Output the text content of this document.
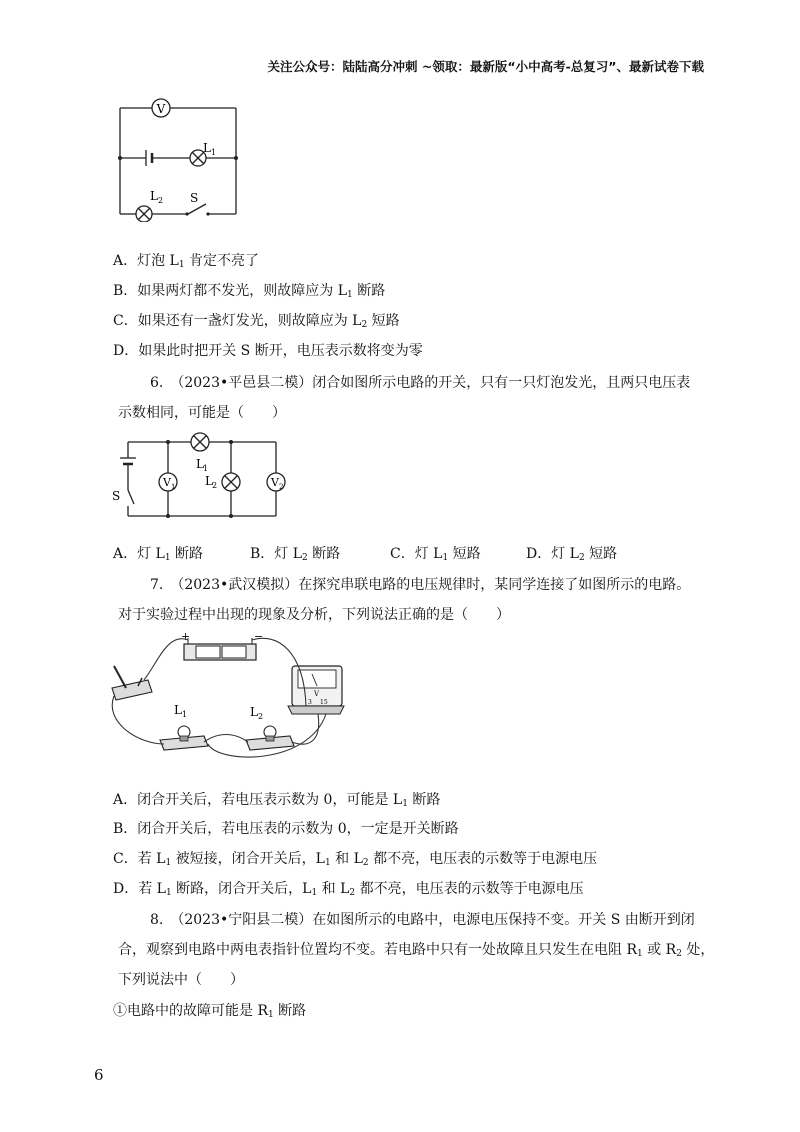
关注公众号：陆陆高分冲刺 ~领取：最新版“小中高考-总复习”、最新试卷下载
V
L 1
L 2 S
A．灯泡 $L_1$ 肯定不亮了
B．如果两灯都不发光，则故障应为 $L_1$ 断路
C．如果还有一盏灯发光，则故障应为 $L_2$ 短路
D．如果此时把开关 S 断开，电压表示数将变为零
6.　（2023•平邑县二模）闭合如图所示电路的开关，只有一只灯泡发光，且两只电压表
示数相同，可能是（　　）
S
L 1
L 2
V 1	V 2
A．灯 $L_1$ 断路	B．灯 $L_2$ 断路	C．灯 $L_1$ 短路	D．灯 $L_2$ 短路
7.　（2023•武汉模拟）在探究串联电路的电压规律时，某同学连接了如图所示的电路。
对于实验过程中出现的现象及分析，下列说法正确的是（　　）
+	−
L 1	L 2
V
3 15
A．闭合开关后，若电压表示数为 0，可能是 $L_1$ 断路
B．闭合开关后，若电压表的示数为 0，一定是开关断路
C．若 $L_1$ 被短接，闭合开关后，$L_1$ 和 $L_2$ 都不亮，电压表的示数等于电源电压
D．若 $L_1$ 断路，闭合开关后，$L_1$ 和 $L_2$ 都不亮，电压表的示数等于电源电压
8.　（2023•宁阳县二模）在如图所示的电路中，电源电压保持不变。开关 S 由断开到闭
合，观察到电路中两电表指针位置均不变。若电路中只有一处故障且只发生在电阻 $R_1$ 或 $R_2$ 处，
下列说法中（　　）
①电路中的故障可能是 $R_1$ 断路
6
